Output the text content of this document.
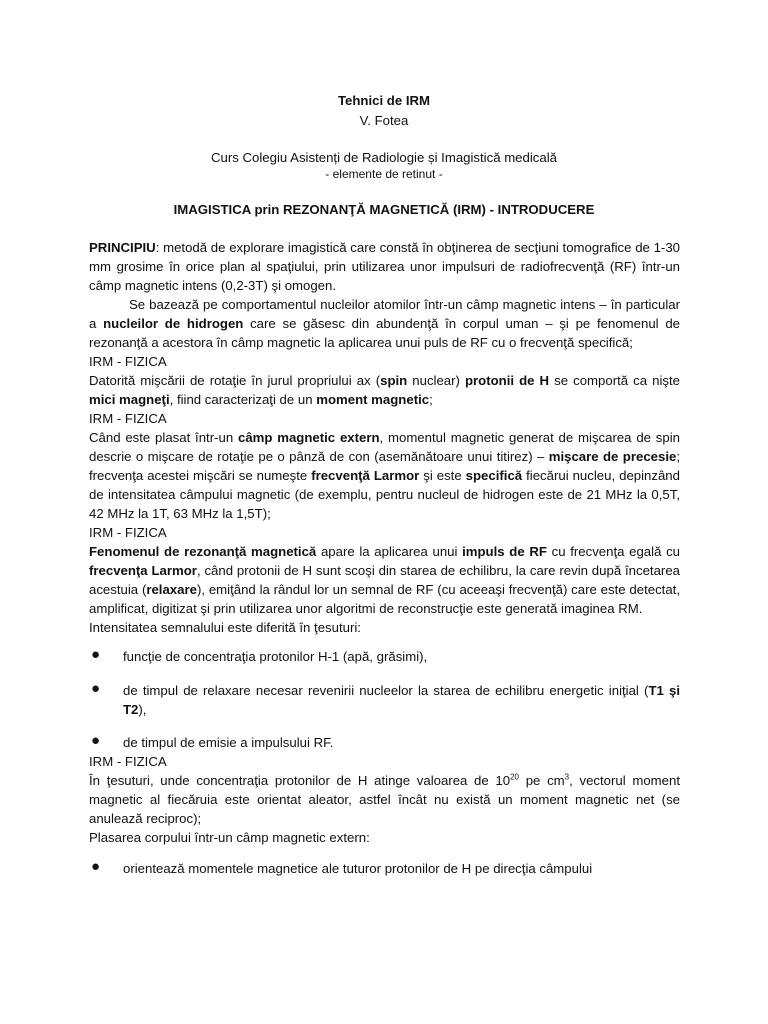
Tehnici de IRM
V. Fotea
Curs Colegiu Asistenți de Radiologie și Imagistică medicală
- elemente de retinut -
IMAGISTICA prin REZONANŢĂ MAGNETICĂ (IRM) - INTRODUCERE

PRINCIPIU: metodă de explorare imagistică care constă în obţinerea de secţiuni tomografice de 1-30 mm grosime în orice plan al spaţiului, prin utilizarea unor impulsuri de radiofrecvenţă (RF) într-un câmp magnetic intens (0,2-3T) şi omogen.

Se bazează pe comportamentul nucleilor atomilor într-un câmp magnetic intens – în particular a nucleilor de hidrogen care se găsesc din abundenţă în corpul uman – şi pe fenomenul de rezonanţă a acestora în câmp magnetic la aplicarea unui puls de RF cu o frecvenţă specifică;

IRM - FIZICA

Datorită mişcării de rotaţie în jurul propriului ax (spin nuclear) protonii de H se comportă ca nişte mici magneţi, fiind caracterizaţi de un moment magnetic;

IRM - FIZICA

Când este plasat într-un câmp magnetic extern, momentul magnetic generat de mişcarea de spin descrie o mişcare de rotaţie pe o pânză de con (asemănătoare unui titirez) – mişcare de precesie; frecvenţa acestei mişcări se numeşte frecvenţă Larmor şi este specifică fiecărui nucleu, depinzând de intensitatea câmpului magnetic (de exemplu, pentru nucleul de hidrogen este de 21 MHz la 0,5T, 42 MHz la 1T, 63 MHz la 1,5T);

IRM - FIZICA

Fenomenul de rezonanţă magnetică apare la aplicarea unui impuls de RF cu frecvenţa egală cu frecvenţa Larmor, când protonii de H sunt scoşi din starea de echilibru, la care revin după încetarea acestuia (relaxare), emiţând la rândul lor un semnal de RF (cu aceeaşi frecvenţă) care este detectat, amplificat, digitizat şi prin utilizarea unor algoritmi de reconstrucţie este generată imaginea RM.

Intensitatea semnalului este diferită în ţesuturi:

● funcţie de concentraţia protonilor H-1 (apă, grăsimi),

● de timpul de relaxare necesar revenirii nucleelor la starea de echilibru energetic iniţial (T1 şi T2),

● de timpul de emisie a impulsului RF.

IRM - FIZICA

În ţesuturi, unde concentraţia protonilor de H atinge valoarea de $10^{20}$ pe $cm^3$, vectorul moment magnetic al fiecăruia este orientat aleator, astfel încât nu există un moment magnetic net (se anulează reciproc);

Plasarea corpului într-un câmp magnetic extern:

● orientează momentele magnetice ale tuturor protonilor de H pe direcţia câmpului
